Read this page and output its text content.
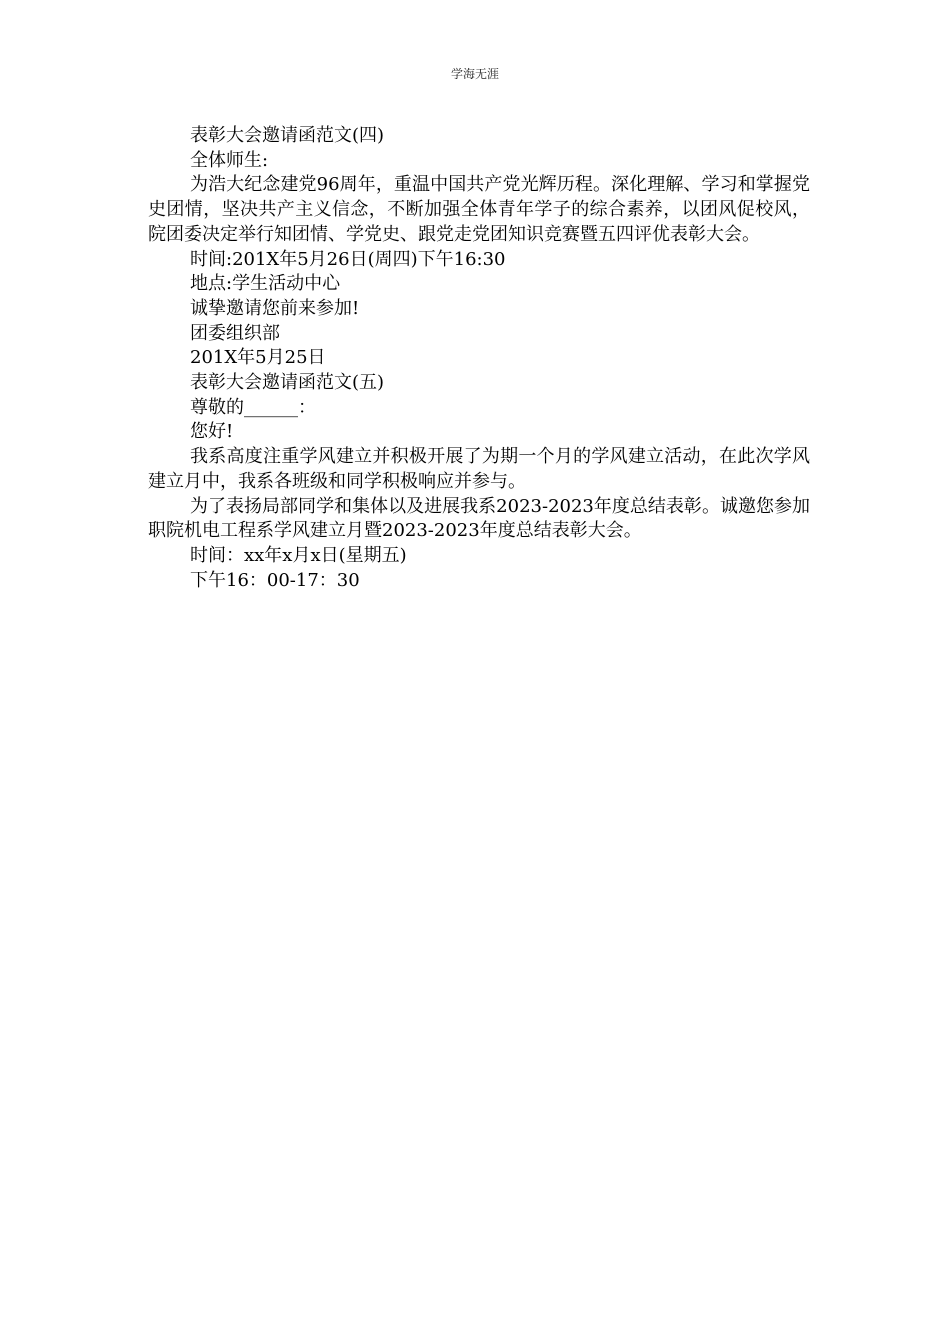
学海无涯

表彰大会邀请函范文(四)

全体师生:

为浩大纪念建党96周年，重温中国共产党光辉历程。深化理解、学习和掌握党史团情，坚决共产主义信念，不断加强全体青年学子的综合素养，以团风促校风，院团委决定举行知团情、学党史、跟党走党团知识竞赛暨五四评优表彰大会。

时间:201X年5月26日(周四)下午16:30

地点:学生活动中心

诚挚邀请您前来参加!

团委组织部

201X年5月25日

表彰大会邀请函范文(五)

尊敬的______：

您好!

我系高度注重学风建立并积极开展了为期一个月的学风建立活动，在此次学风建立月中，我系各班级和同学积极响应并参与。

为了表扬局部同学和集体以及进展我系2023-2023年度总结表彰。诚邀您参加职院机电工程系学风建立月暨2023-2023年度总结表彰大会。

时间：xx年x月x日(星期五)

下午16：00-17：30
